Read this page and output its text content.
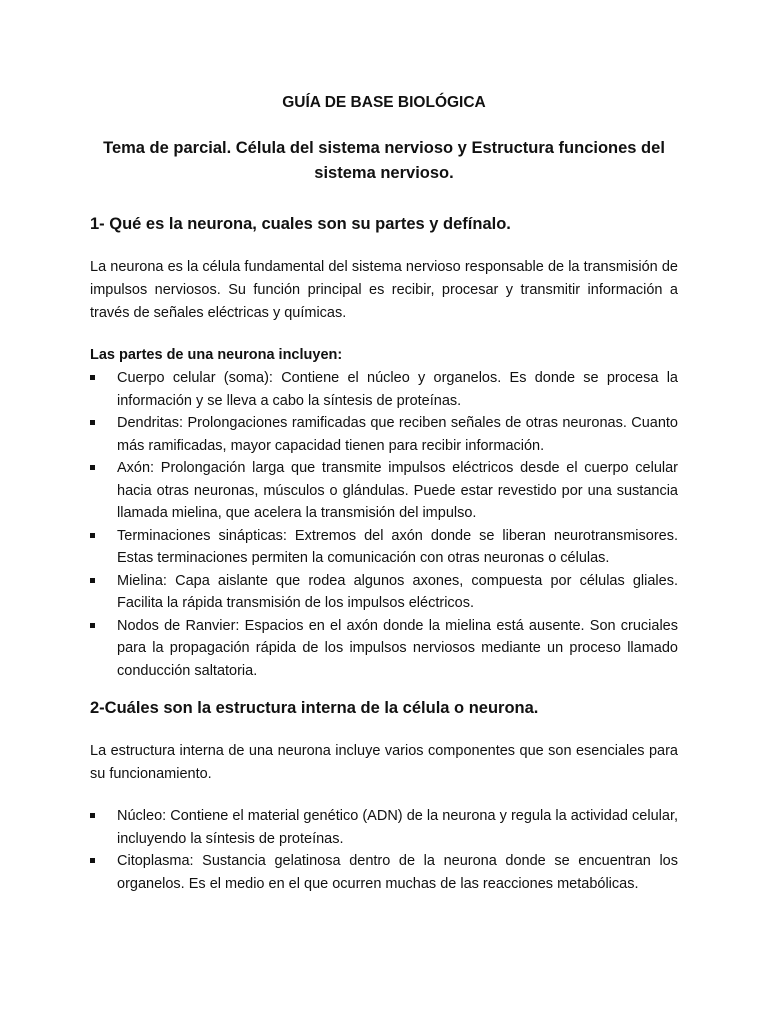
GUÍA DE BASE BIOLÓGICA
Tema de parcial. Célula del sistema nervioso y Estructura funciones del sistema nervioso.
1- Qué es la neurona, cuales son su partes y defínalo.

La neurona es la célula fundamental del sistema nervioso responsable de la transmisión de impulsos nerviosos. Su función principal es recibir, procesar y transmitir información a través de señales eléctricas y químicas.

Las partes de una neurona incluyen:
Cuerpo celular (soma): Contiene el núcleo y organelos. Es donde se procesa la información y se lleva a cabo la síntesis de proteínas.
Dendritas: Prolongaciones ramificadas que reciben señales de otras neuronas. Cuanto más ramificadas, mayor capacidad tienen para recibir información.
Axón: Prolongación larga que transmite impulsos eléctricos desde el cuerpo celular hacia otras neuronas, músculos o glándulas. Puede estar revestido por una sustancia llamada mielina, que acelera la transmisión del impulso.
Terminaciones sinápticas: Extremos del axón donde se liberan neurotransmisores. Estas terminaciones permiten la comunicación con otras neuronas o células.
Mielina: Capa aislante que rodea algunos axones, compuesta por células gliales. Facilita la rápida transmisión de los impulsos eléctricos.
Nodos de Ranvier: Espacios en el axón donde la mielina está ausente. Son cruciales para la propagación rápida de los impulsos nerviosos mediante un proceso llamado conducción saltatoria.
2-Cuáles son la estructura interna de la célula o neurona.

La estructura interna de una neurona incluye varios componentes que son esenciales para su funcionamiento.

Núcleo: Contiene el material genético (ADN) de la neurona y regula la actividad celular, incluyendo la síntesis de proteínas.
Citoplasma: Sustancia gelatinosa dentro de la neurona donde se encuentran los organelos. Es el medio en el que ocurren muchas de las reacciones metabólicas.
